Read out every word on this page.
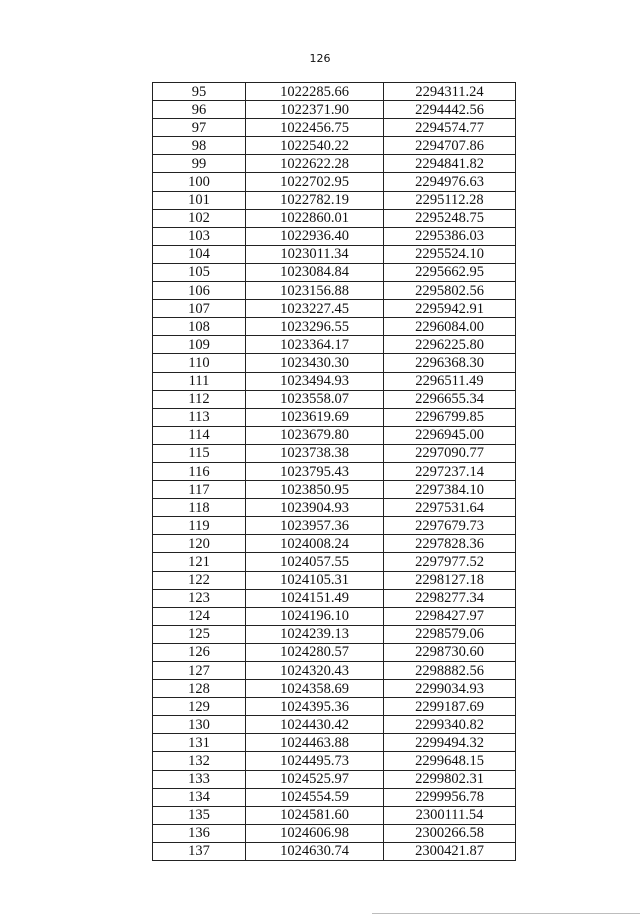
126
95	1022285.66	2294311.24
96	1022371.90	2294442.56
97	1022456.75	2294574.77
98	1022540.22	2294707.86
99	1022622.28	2294841.82
100	1022702.95	2294976.63
101	1022782.19	2295112.28
102	1022860.01	2295248.75
103	1022936.40	2295386.03
104	1023011.34	2295524.10
105	1023084.84	2295662.95
106	1023156.88	2295802.56
107	1023227.45	2295942.91
108	1023296.55	2296084.00
109	1023364.17	2296225.80
110	1023430.30	2296368.30
111	1023494.93	2296511.49
112	1023558.07	2296655.34
113	1023619.69	2296799.85
114	1023679.80	2296945.00
115	1023738.38	2297090.77
116	1023795.43	2297237.14
117	1023850.95	2297384.10
118	1023904.93	2297531.64
119	1023957.36	2297679.73
120	1024008.24	2297828.36
121	1024057.55	2297977.52
122	1024105.31	2298127.18
123	1024151.49	2298277.34
124	1024196.10	2298427.97
125	1024239.13	2298579.06
126	1024280.57	2298730.60
127	1024320.43	2298882.56
128	1024358.69	2299034.93
129	1024395.36	2299187.69
130	1024430.42	2299340.82
131	1024463.88	2299494.32
132	1024495.73	2299648.15
133	1024525.97	2299802.31
134	1024554.59	2299956.78
135	1024581.60	2300111.54
136	1024606.98	2300266.58
137	1024630.74	2300421.87
